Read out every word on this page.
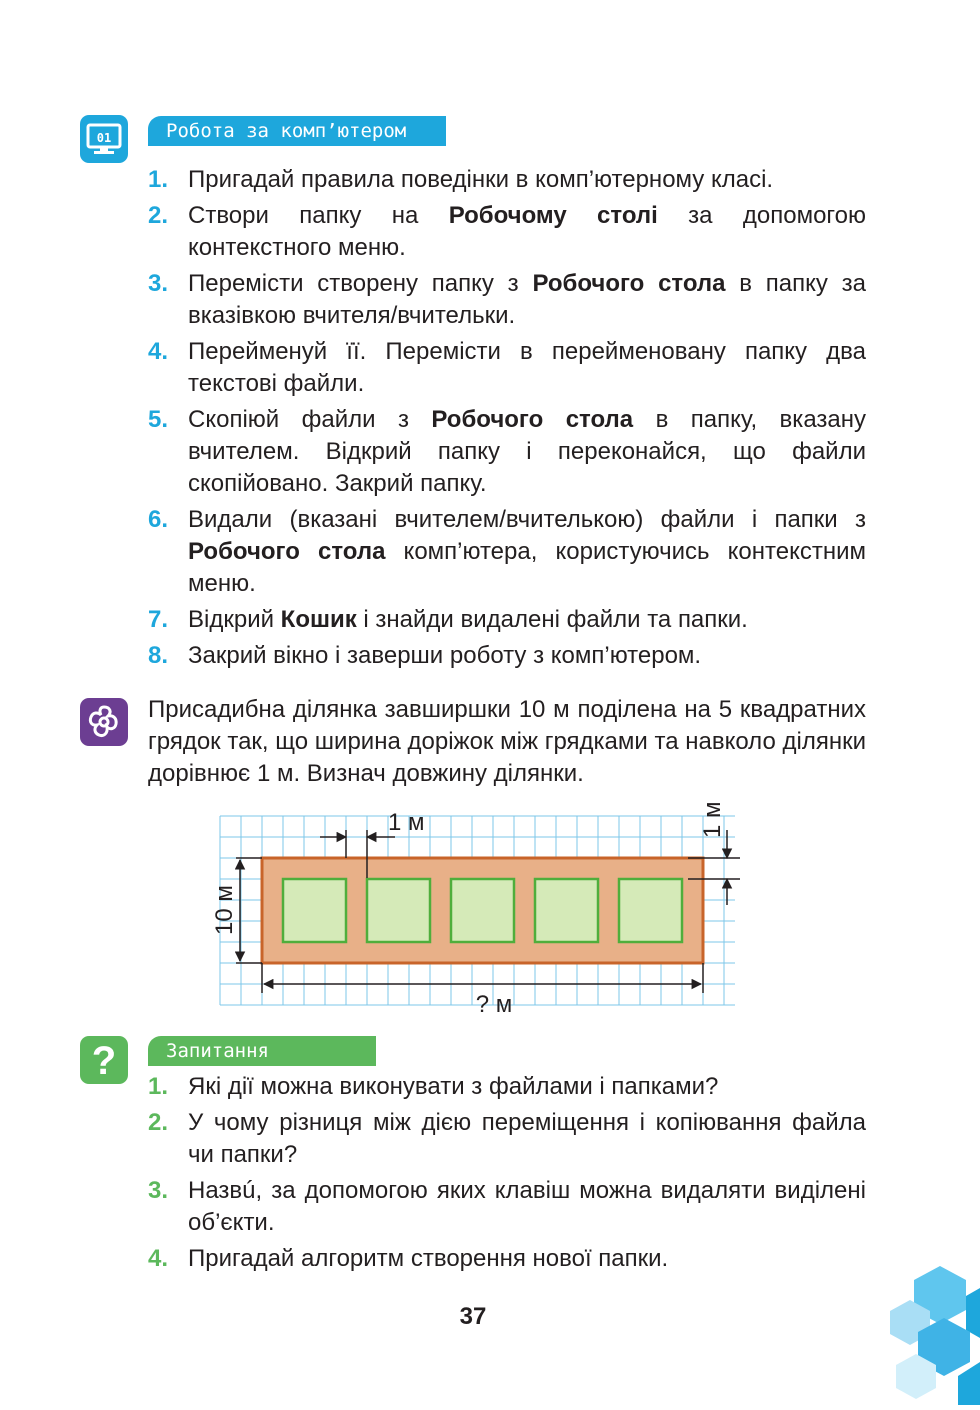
01	Робота за комп’ютером
1. Пригадай правила поведінки в комп’ютерному класі.
2. Створи папку на Робочому столі за допомогою контекстного меню.
3. Перемісти створену папку з Робочого стола в папку за вказівкою вчителя/вчительки.
4. Перейменуй її. Перемісти в перейменовану папку два текстові файли.
5. Скопіюй файли з Робочого стола в папку, вказану вчителем. Відкрий папку і переконайся, що файли скопійовано. Закрий папку.
6. Видали (вказані вчителем/вчителькою) файли і папки з Робочого стола комп’ютера, користуючись контекстним меню.
7. Відкрий Кошик і знайди видалені файли та папки.
8. Закрий вікно і заверши роботу з комп’ютером.

Присадибна ділянка завширшки 10 м поділена на 5 квадратних грядок так, що ширина доріжок між грядками та навколо ділянки дорівнює 1 м. Визнач довжину ділянки.

1 м	1 м
10 м
? м
?	Запитання
1. Які дії можна виконувати з файлами і папками?
2. У чому різниця між дією переміщення і копіювання файла чи папки?
3. Назвú, за допомогою яких клавіш можна видаляти виділені об’єкти.
4. Пригадай алгоритм створення нової папки.
37
